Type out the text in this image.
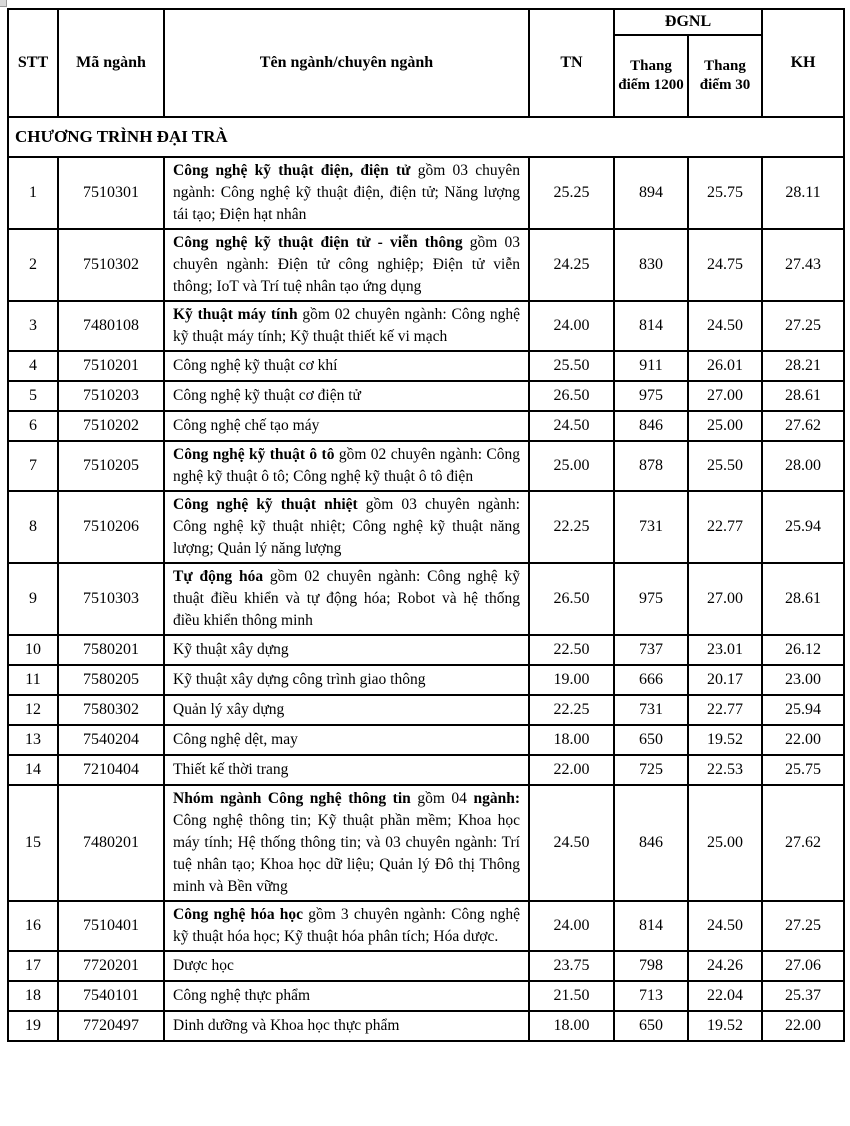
STT	Mã ngành	Tên ngành/chuyên ngành	TN	ĐGNL		KH
				Thang điểm 1200	Thang điểm 30	
CHƯƠNG TRÌNH ĐẠI TRÀ						
1	7510301	Công nghệ kỹ thuật điện, điện tử gồm 03 chuyên ngành: Công nghệ kỹ thuật điện, điện tử; Năng lượng tái tạo; Điện hạt nhân	25.25	894	25.75	28.11
2	7510302	Công nghệ kỹ thuật điện tử - viễn thông gồm 03 chuyên ngành: Điện tử công nghiệp; Điện tử viễn thông; IoT và Trí tuệ nhân tạo ứng dụng	24.25	830	24.75	27.43
3	7480108	Kỹ thuật máy tính gồm 02 chuyên ngành: Công nghệ kỹ thuật máy tính; Kỹ thuật thiết kế vi mạch	24.00	814	24.50	27.25
4	7510201	Công nghệ kỹ thuật cơ khí	25.50	911	26.01	28.21
5	7510203	Công nghệ kỹ thuật cơ điện tử	26.50	975	27.00	28.61
6	7510202	Công nghệ chế tạo máy	24.50	846	25.00	27.62
7	7510205	Công nghệ kỹ thuật ô tô gồm 02 chuyên ngành: Công nghệ kỹ thuật ô tô; Công nghệ kỹ thuật ô tô điện	25.00	878	25.50	28.00
8	7510206	Công nghệ kỹ thuật nhiệt gồm 03 chuyên ngành: Công nghệ kỹ thuật nhiệt; Công nghệ kỹ thuật năng lượng; Quản lý năng lượng	22.25	731	22.77	25.94
9	7510303	Tự động hóa gồm 02 chuyên ngành: Công nghệ kỹ thuật điều khiển và tự động hóa; Robot và hệ thống điều khiển thông minh	26.50	975	27.00	28.61
10	7580201	Kỹ thuật xây dựng	22.50	737	23.01	26.12
11	7580205	Kỹ thuật xây dựng công trình giao thông	19.00	666	20.17	23.00
12	7580302	Quản lý xây dựng	22.25	731	22.77	25.94
13	7540204	Công nghệ dệt, may	18.00	650	19.52	22.00
14	7210404	Thiết kế thời trang	22.00	725	22.53	25.75
15	7480201	Nhóm ngành Công nghệ thông tin gồm 04 ngành: Công nghệ thông tin; Kỹ thuật phần mềm; Khoa học máy tính; Hệ thống thông tin; và 03 chuyên ngành: Trí tuệ nhân tạo; Khoa học dữ liệu; Quản lý Đô thị Thông minh và Bền vững	24.50	846	25.00	27.62
16	7510401	Công nghệ hóa học gồm 3 chuyên ngành: Công nghệ kỹ thuật hóa học; Kỹ thuật hóa phân tích; Hóa dược.	24.00	814	24.50	27.25
17	7720201	Dược học	23.75	798	24.26	27.06
18	7540101	Công nghệ thực phẩm	21.50	713	22.04	25.37
19	7720497	Dinh dưỡng và Khoa học thực phẩm	18.00	650	19.52	22.00
